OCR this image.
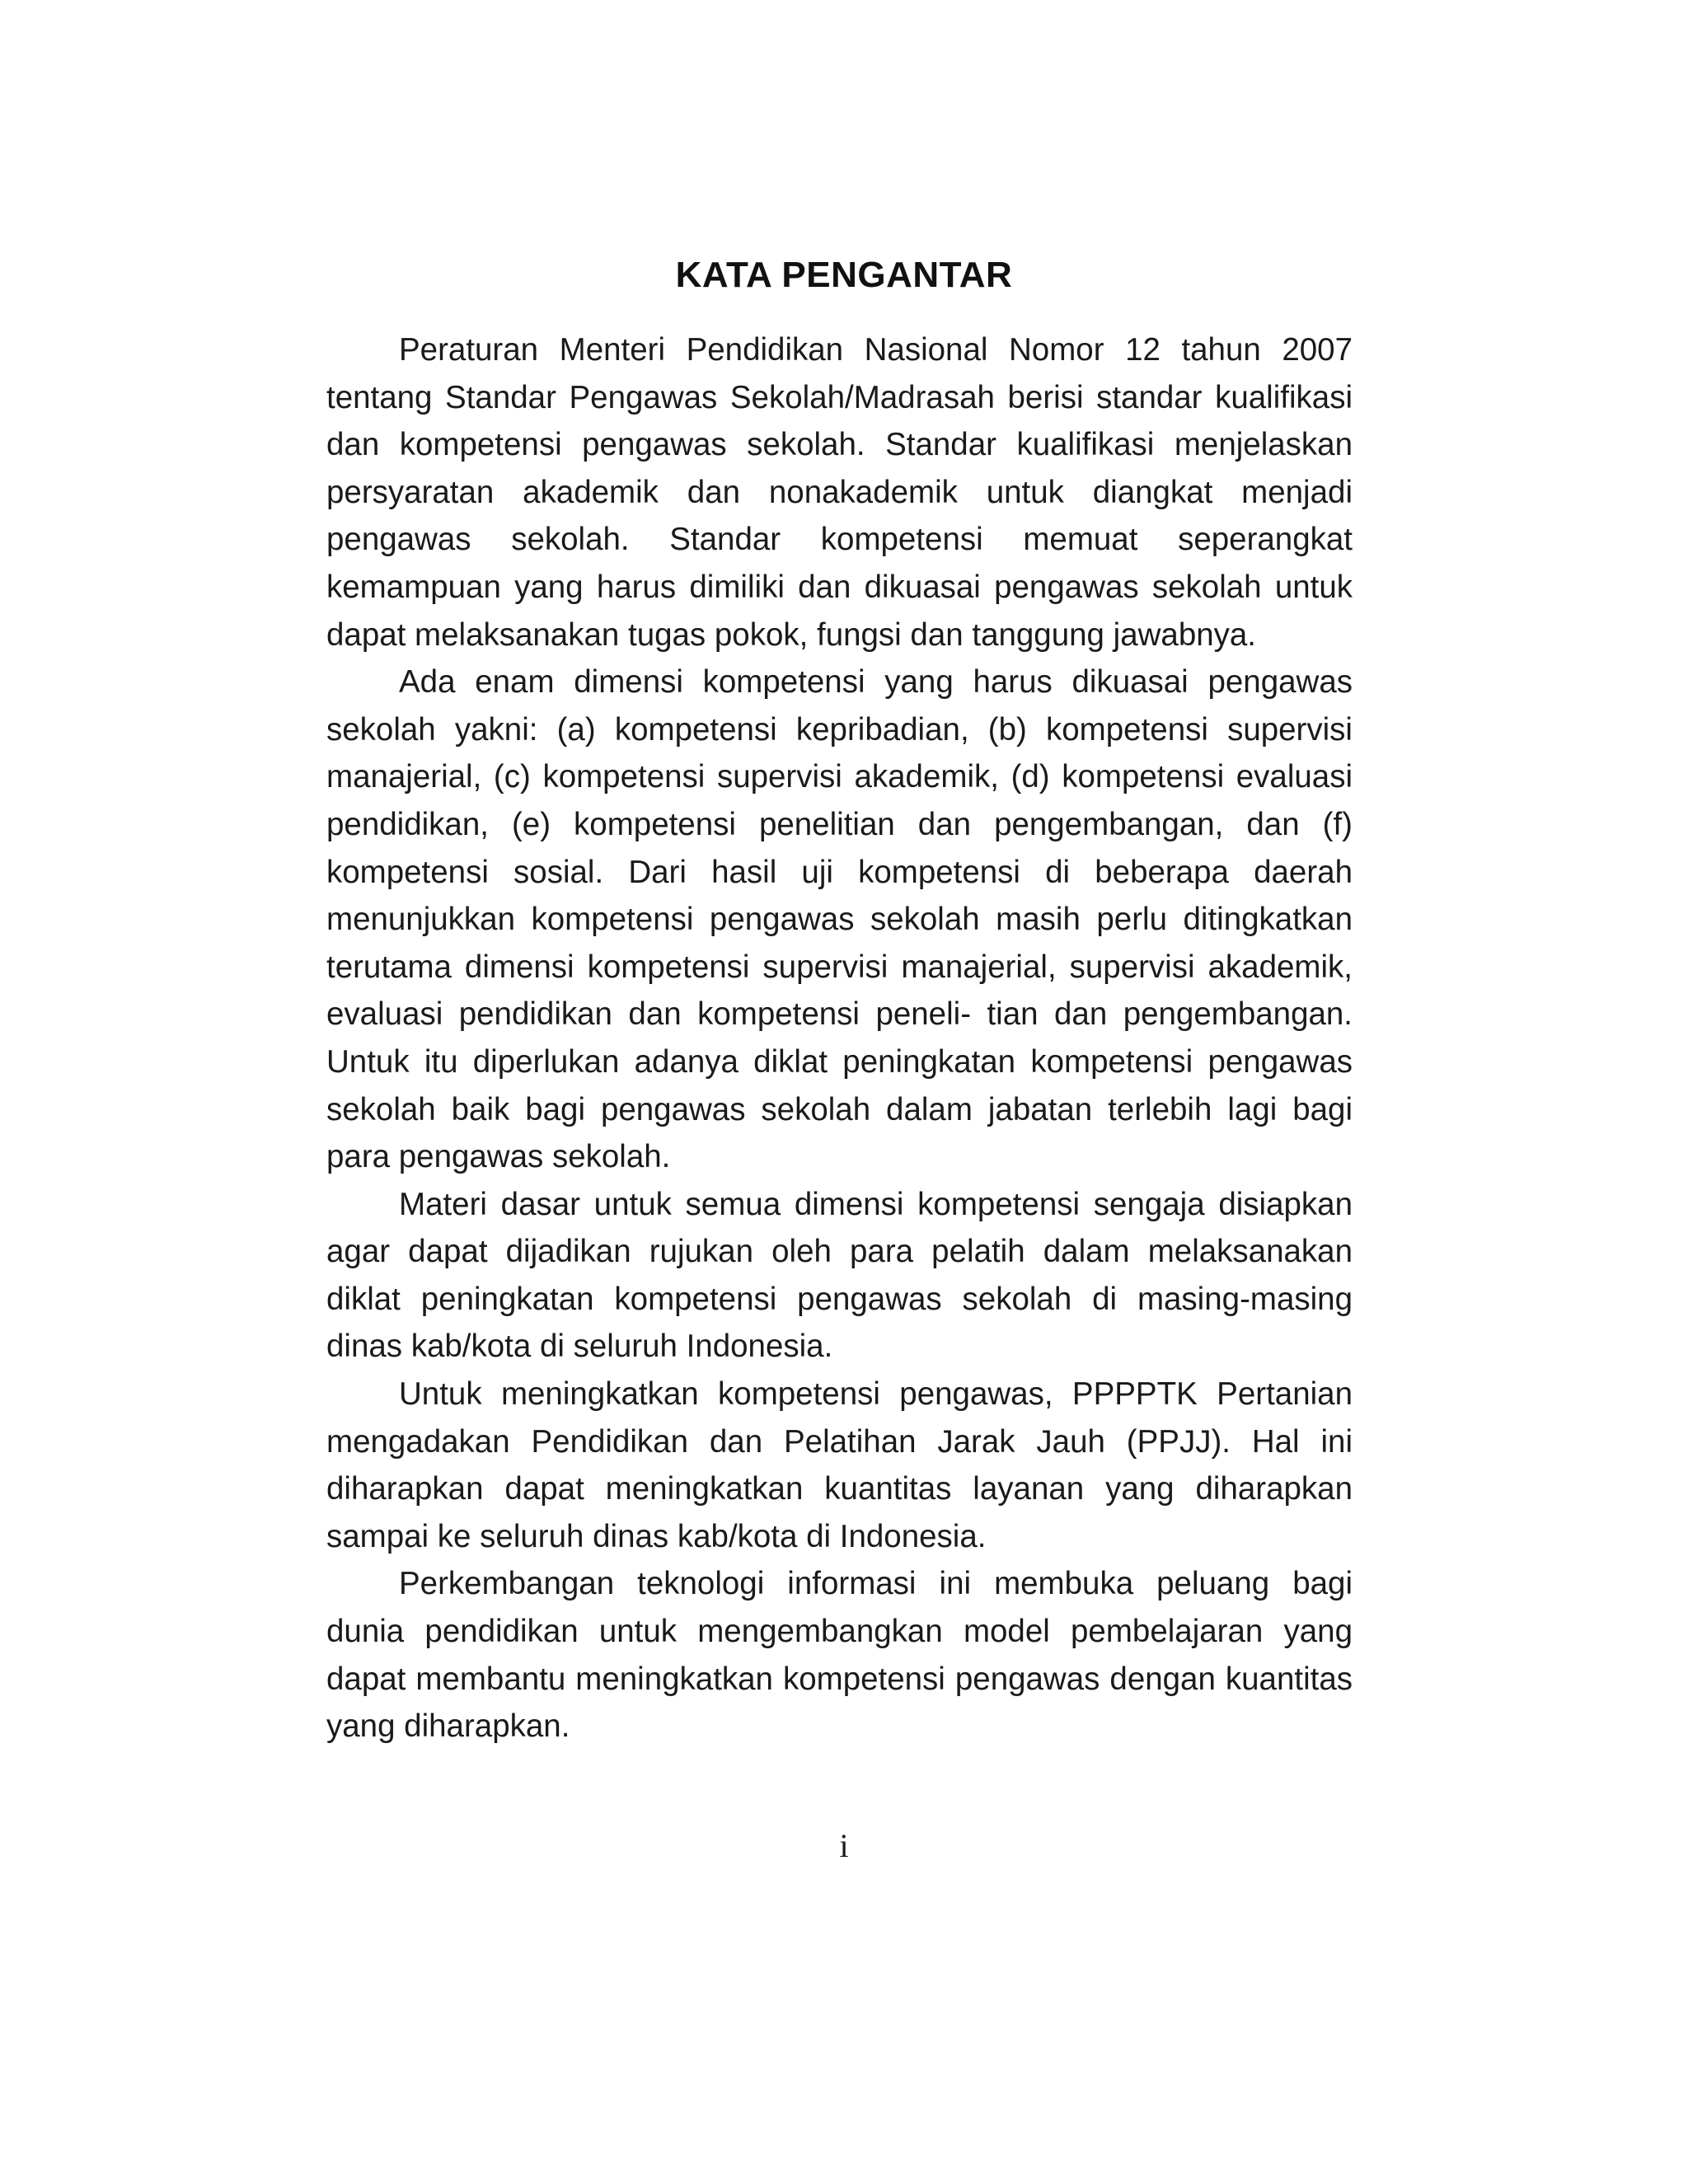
KATA PENGANTAR

Peraturan Menteri Pendidikan Nasional Nomor 12 tahun 2007 tentang Standar Pengawas Sekolah/Madrasah berisi standar kualifikasi dan kompetensi pengawas sekolah. Standar kualifikasi menjelaskan persyaratan akademik dan nonakademik untuk diangkat menjadi pengawas sekolah. Standar kompetensi memuat seperangkat kemampuan yang harus dimiliki dan dikuasai pengawas sekolah untuk dapat melaksanakan tugas pokok, fungsi dan tanggung jawabnya.

Ada enam dimensi kompetensi yang harus dikuasai pengawas sekolah yakni: (a) kompetensi kepribadian, (b) kompetensi supervisi manajerial, (c) kompetensi supervisi akademik, (d) kompetensi evaluasi pendidikan, (e) kompetensi penelitian dan pengembangan, dan (f) kompetensi sosial. Dari hasil uji kompetensi di beberapa daerah menunjukkan kompetensi pengawas sekolah masih perlu ditingkatkan terutama dimensi kompetensi supervisi manajerial, supervisi akademik, evaluasi pendidikan dan kompetensi peneli- tian dan pengembangan. Untuk itu diperlukan adanya diklat peningkatan kompetensi pengawas sekolah baik bagi pengawas sekolah dalam jabatan terlebih lagi bagi para pengawas sekolah.

Materi dasar untuk semua dimensi kompetensi sengaja disiapkan agar dapat dijadikan rujukan oleh para pelatih dalam melaksanakan diklat peningkatan kompetensi pengawas sekolah di masing-masing dinas kab/kota di seluruh Indonesia.

Untuk meningkatkan kompetensi pengawas, PPPPTK Pertanian mengadakan Pendidikan dan Pelatihan Jarak Jauh (PPJJ). Hal ini diharapkan dapat meningkatkan kuantitas layanan yang diharapkan sampai ke seluruh dinas kab/kota di Indonesia.

Perkembangan teknologi informasi ini membuka peluang bagi dunia pendidikan untuk mengembangkan model pembelajaran yang dapat membantu meningkatkan kompetensi pengawas dengan kuantitas yang diharapkan.

i
